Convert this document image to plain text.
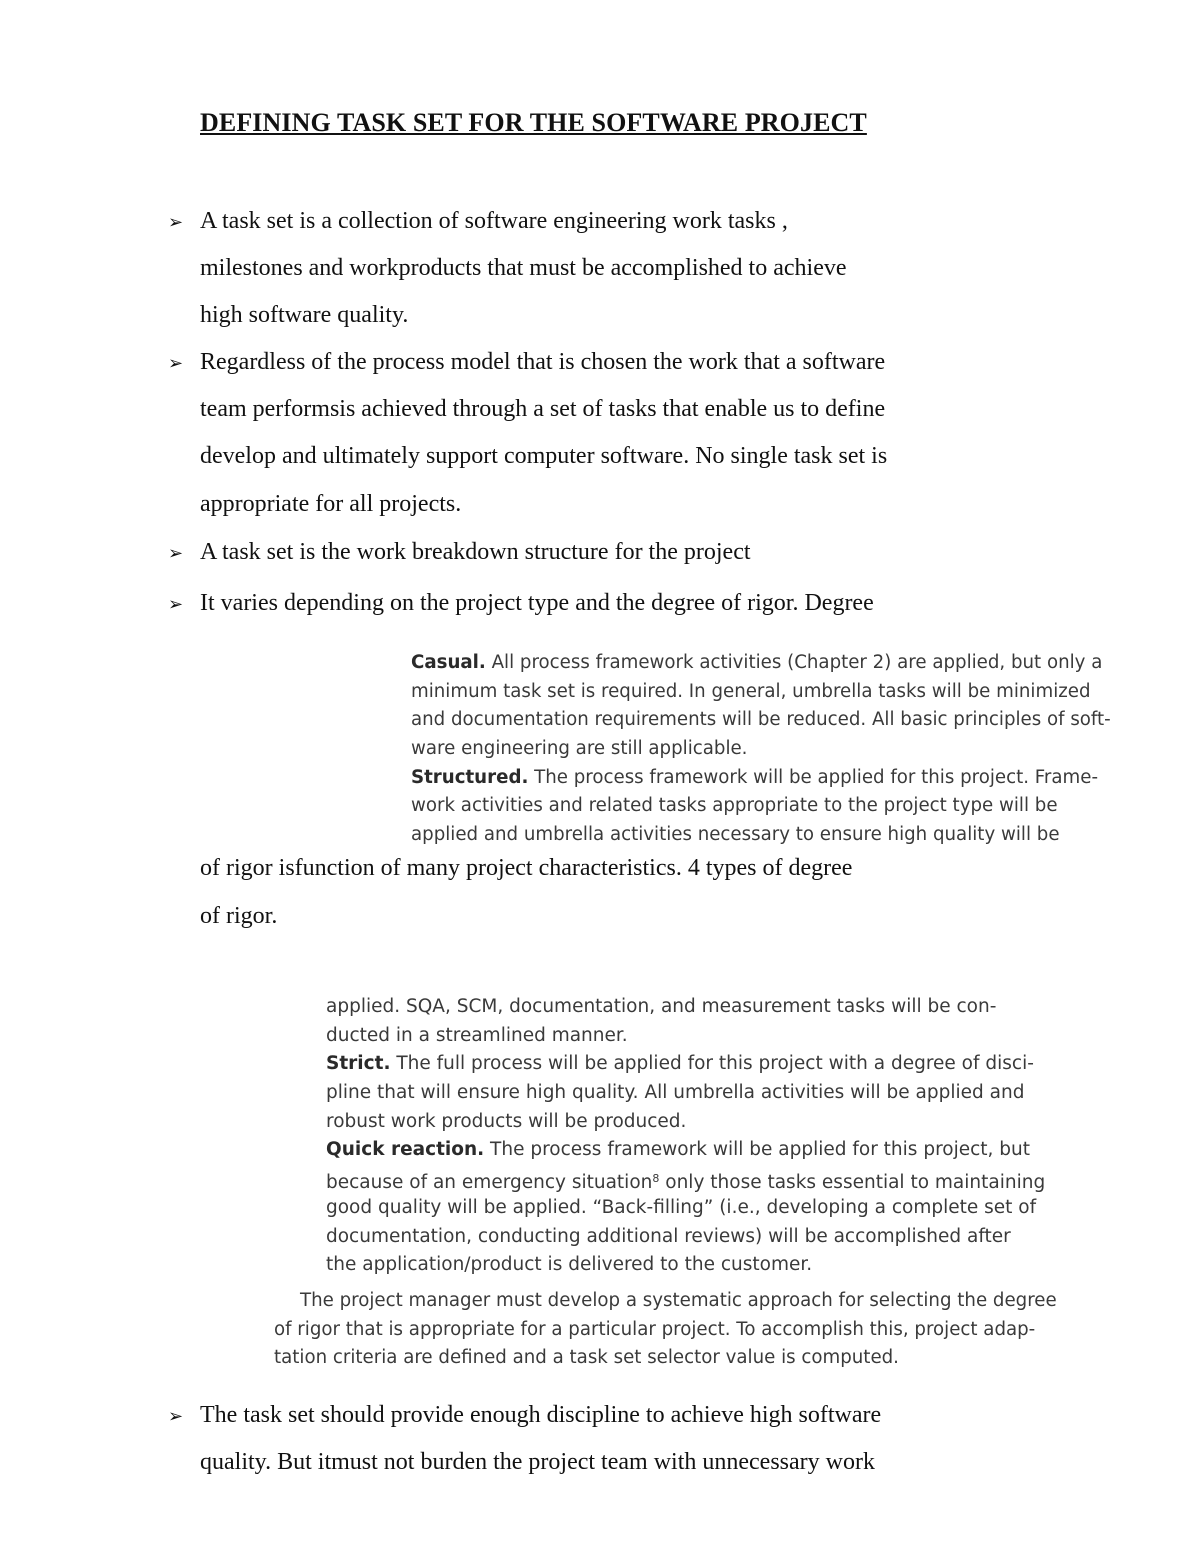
DEFINING TASK SET FOR THE SOFTWARE PROJECT
➢ A task set is a collection of software engineering work tasks ,
milestones and workproducts that must be accomplished to achieve
high software quality.
➢ Regardless of the process model that is chosen the work that a software
team performsis achieved through a set of tasks that enable us to define
develop and ultimately support computer software. No single task set is
appropriate for all projects.
➢ A task set is the work breakdown structure for the project
➢ It varies depending on the project type and the degree of rigor. Degree
Casual. All process framework activities (Chapter 2) are applied, but only a
minimum task set is required. In general, umbrella tasks will be minimized
and documentation requirements will be reduced. All basic principles of soft-
ware engineering are still applicable.
Structured. The process framework will be applied for this project. Frame-
work activities and related tasks appropriate to the project type will be
applied and umbrella activities necessary to ensure high quality will be
of rigor isfunction of many project characteristics. 4 types of degree
of rigor.
applied. SQA, SCM, documentation, and measurement tasks will be con-
ducted in a streamlined manner.
Strict. The full process will be applied for this project with a degree of disci-
pline that will ensure high quality. All umbrella activities will be applied and
robust work products will be produced.
Quick reaction. The process framework will be applied for this project, but
because of an emergency situation$^8$ only those tasks essential to maintaining
good quality will be applied. “Back-filling” (i.e., developing a complete set of
documentation, conducting additional reviews) will be accomplished after
the application/product is delivered to the customer.
The project manager must develop a systematic approach for selecting the degree
of rigor that is appropriate for a particular project. To accomplish this, project adap-
tation criteria are defined and a task set selector value is computed.
➢ The task set should provide enough discipline to achieve high software
quality. But itmust not burden the project team with unnecessary work
